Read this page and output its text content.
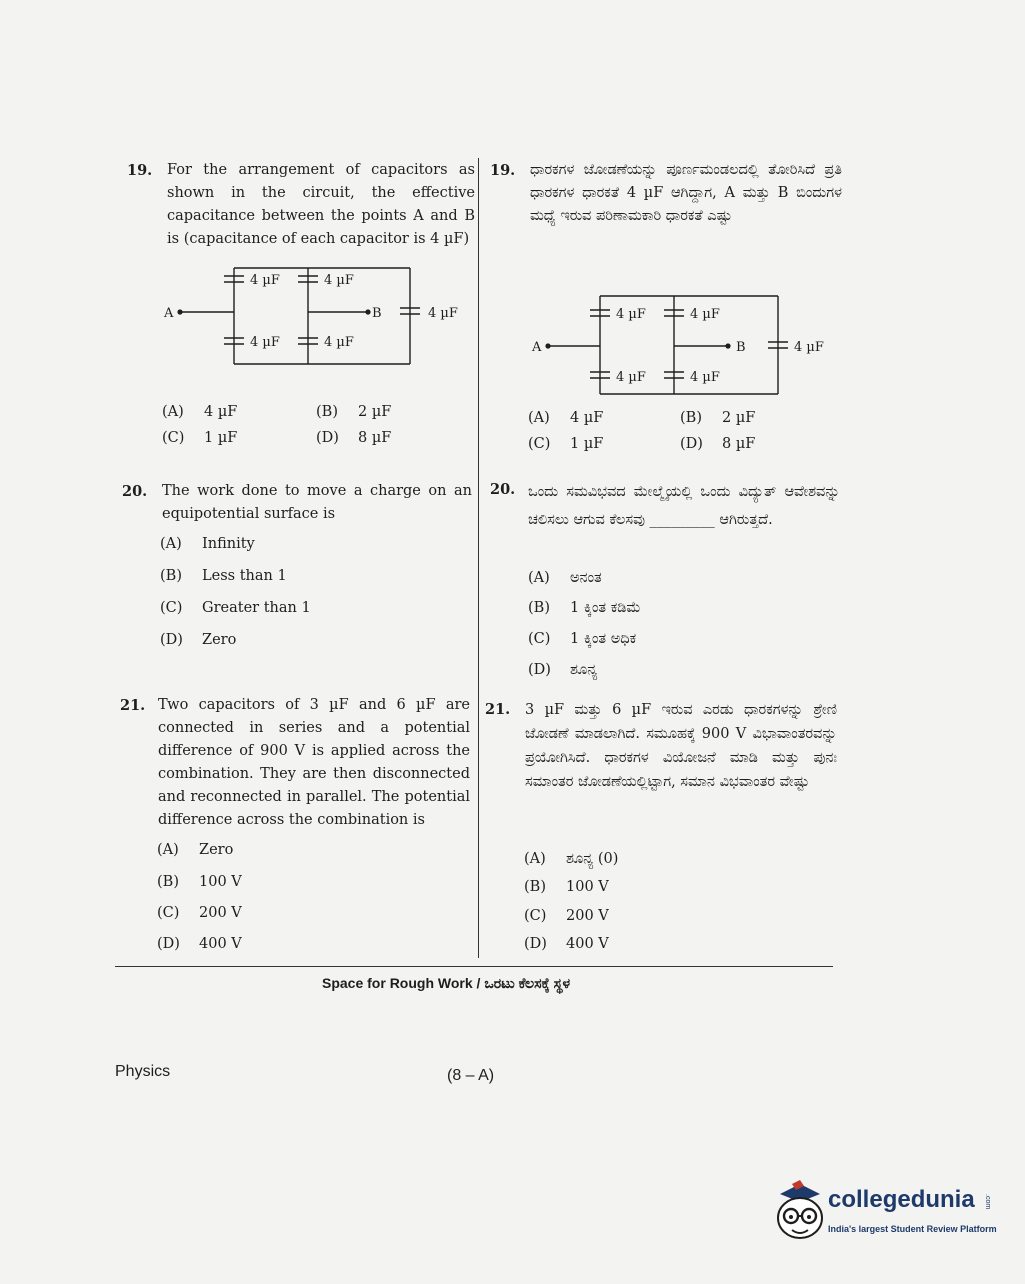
19. For the arrangement of capacitors as shown in the circuit, the effective capacitance between the points A and B is (capacitance of each capacitor is 4 µF)
A	B
4 µF	4 µF
4 µF	4 µF
4 µF
(A) 4 µF	(B) 2 µF
(C) 1 µF	(D) 8 µF
20. The work done to move a charge on an equipotential surface is
(A) Infinity
(B) Less than 1
(C) Greater than 1
(D) Zero
21. Two capacitors of 3 µF and 6 µF are connected in series and a potential difference of 900 V is applied across the combination. They are then disconnected and reconnected in parallel. The potential difference across the combination is
(A) Zero
(B) 100 V
(C) 200 V
(D) 400 V
19. ಧಾರಕಗಳ ಜೋಡಣೆಯನ್ನು ಪೂರ್ಣಮಂಡಲದಲ್ಲಿ ತೋರಿಸಿದೆ ಪ್ರತಿ ಧಾರಕಗಳ ಧಾರಕತೆ 4 µF ಆಗಿದ್ದಾಗ, A ಮತ್ತು B ಬಿಂದುಗಳ ಮಧ್ಯೆ ಇರುವ ಪರಿಣಾಮಕಾರಿ ಧಾರಕತೆ ಎಷ್ಟು
A	B
4 µF	4 µF
4 µF	4 µF
4 µF
(A) 4 µF	(B) 2 µF
(C) 1 µF	(D) 8 µF
20. ಒಂದು ಸಮವಿಭವದ ಮೇಲ್ಮೈಯಲ್ಲಿ ಒಂದು ವಿದ್ಯುತ್ ಆವೇಶವನ್ನು ಚಲಿಸಲು ಆಗುವ ಕೆಲಸವು _________ ಆಗಿರುತ್ತದೆ.
(A) ಅನಂತ
(B) 1 ಕ್ಕಿಂತ ಕಡಿಮೆ
(C) 1 ಕ್ಕಿಂತ ಅಧಿಕ
(D) ಶೂನ್ಯ
21. 3 µF ಮತ್ತು 6 µF ಇರುವ ಎರಡು ಧಾರಕಗಳನ್ನು ಶ್ರೇಣಿ ಜೋಡಣೆ ಮಾಡಲಾಗಿದೆ. ಸಮೂಹಕ್ಕೆ 900 V ವಿಭಾವಾಂತರವನ್ನು ಪ್ರಯೋಗಿಸಿದೆ. ಧಾರಕಗಳ ವಿಯೋಜನೆ ಮಾಡಿ ಮತ್ತು ಪುನಃ ಸಮಾಂತರ ಜೋಡಣೆಯಲ್ಲಿಟ್ಟಾಗ, ಸಮಾನ ವಿಭವಾಂತರ ವೇಷ್ಟು
(A) ಶೂನ್ಯ (0)
(B) 100 V
(C) 200 V
(D) 400 V
Space for Rough Work / ಒರಟು ಕೆಲಸಕ್ಕೆ ಸ್ಥಳ
Physics	(8 – A)
collegedunia .com
India's largest Student Review Platform
